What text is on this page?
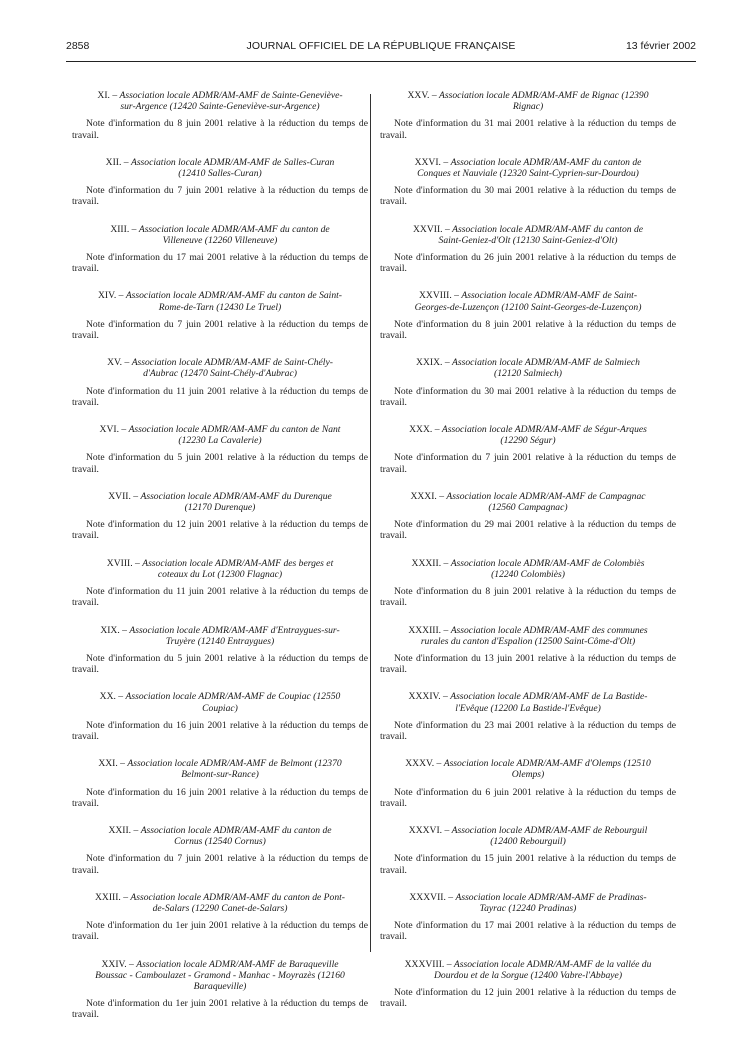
2858	JOURNAL OFFICIEL DE LA RÉPUBLIQUE FRANÇAISE	13 février 2002
XI. – Association locale ADMR/AM-AMF de Sainte-Geneviève-sur-Argence (12420 Sainte-Geneviève-sur-Argence)
Note d'information du 8 juin 2001 relative à la réduction du temps de travail.
XII. – Association locale ADMR/AM-AMF de Salles-Curan (12410 Salles-Curan)
Note d'information du 7 juin 2001 relative à la réduction du temps de travail.
XIII. – Association locale ADMR/AM-AMF du canton de Villeneuve (12260 Villeneuve)
Note d'information du 17 mai 2001 relative à la réduction du temps de travail.
XIV. – Association locale ADMR/AM-AMF du canton de Saint-Rome-de-Tarn (12430 Le Truel)
Note d'information du 7 juin 2001 relative à la réduction du temps de travail.
XV. – Association locale ADMR/AM-AMF de Saint-Chély-d'Aubrac (12470 Saint-Chély-d'Aubrac)
Note d'information du 11 juin 2001 relative à la réduction du temps de travail.
XVI. – Association locale ADMR/AM-AMF du canton de Nant (12230 La Cavalerie)
Note d'information du 5 juin 2001 relative à la réduction du temps de travail.
XVII. – Association locale ADMR/AM-AMF du Durenque (12170 Durenque)
Note d'information du 12 juin 2001 relative à la réduction du temps de travail.
XVIII. – Association locale ADMR/AM-AMF des berges et coteaux du Lot (12300 Flagnac)
Note d'information du 11 juin 2001 relative à la réduction du temps de travail.
XIX. – Association locale ADMR/AM-AMF d'Entraygues-sur-Truyère (12140 Entraygues)
Note d'information du 5 juin 2001 relative à la réduction du temps de travail.
XX. – Association locale ADMR/AM-AMF de Coupiac (12550 Coupiac)
Note d'information du 16 juin 2001 relative à la réduction du temps de travail.
XXI. – Association locale ADMR/AM-AMF de Belmont (12370 Belmont-sur-Rance)
Note d'information du 16 juin 2001 relative à la réduction du temps de travail.
XXII. – Association locale ADMR/AM-AMF du canton de Cornus (12540 Cornus)
Note d'information du 7 juin 2001 relative à la réduction du temps de travail.
XXIII. – Association locale ADMR/AM-AMF du canton de Pont-de-Salars (12290 Canet-de-Salars)
Note d'information du 1er juin 2001 relative à la réduction du temps de travail.
XXIV. – Association locale ADMR/AM-AMF de Baraqueville Boussac - Camboulazet - Gramond - Manhac - Moyrazès (12160 Baraqueville)
Note d'information du 1er juin 2001 relative à la réduction du temps de travail.
XXV. – Association locale ADMR/AM-AMF de Rignac (12390 Rignac)
Note d'information du 31 mai 2001 relative à la réduction du temps de travail.
XXVI. – Association locale ADMR/AM-AMF du canton de Conques et Nauviale (12320 Saint-Cyprien-sur-Dourdou)
Note d'information du 30 mai 2001 relative à la réduction du temps de travail.
XXVII. – Association locale ADMR/AM-AMF du canton de Saint-Geniez-d'Olt (12130 Saint-Geniez-d'Olt)
Note d'information du 26 juin 2001 relative à la réduction du temps de travail.
XXVIII. – Association locale ADMR/AM-AMF de Saint-Georges-de-Luzençon (12100 Saint-Georges-de-Luzençon)
Note d'information du 8 juin 2001 relative à la réduction du temps de travail.
XXIX. – Association locale ADMR/AM-AMF de Salmiech (12120 Salmiech)
Note d'information du 30 mai 2001 relative à la réduction du temps de travail.
XXX. – Association locale ADMR/AM-AMF de Ségur-Arques (12290 Ségur)
Note d'information du 7 juin 2001 relative à la réduction du temps de travail.
XXXI. – Association locale ADMR/AM-AMF de Campagnac (12560 Campagnac)
Note d'information du 29 mai 2001 relative à la réduction du temps de travail.
XXXII. – Association locale ADMR/AM-AMF de Colombiès (12240 Colombiès)
Note d'information du 8 juin 2001 relative à la réduction du temps de travail.
XXXIII. – Association locale ADMR/AM-AMF des communes rurales du canton d'Espalion (12500 Saint-Côme-d'Olt)
Note d'information du 13 juin 2001 relative à la réduction du temps de travail.
XXXIV. – Association locale ADMR/AM-AMF de La Bastide-l'Evêque (12200 La Bastide-l'Evêque)
Note d'information du 23 mai 2001 relative à la réduction du temps de travail.
XXXV. – Association locale ADMR/AM-AMF d'Olemps (12510 Olemps)
Note d'information du 6 juin 2001 relative à la réduction du temps de travail.
XXXVI. – Association locale ADMR/AM-AMF de Rebourguil (12400 Rebourguil)
Note d'information du 15 juin 2001 relative à la réduction du temps de travail.
XXXVII. – Association locale ADMR/AM-AMF de Pradinas-Tayrac (12240 Pradinas)
Note d'information du 17 mai 2001 relative à la réduction du temps de travail.
XXXVIII. – Association locale ADMR/AM-AMF de la vallée du Dourdou et de la Sorgue (12400 Vabre-l'Abbaye)
Note d'information du 12 juin 2001 relative à la réduction du temps de travail.
